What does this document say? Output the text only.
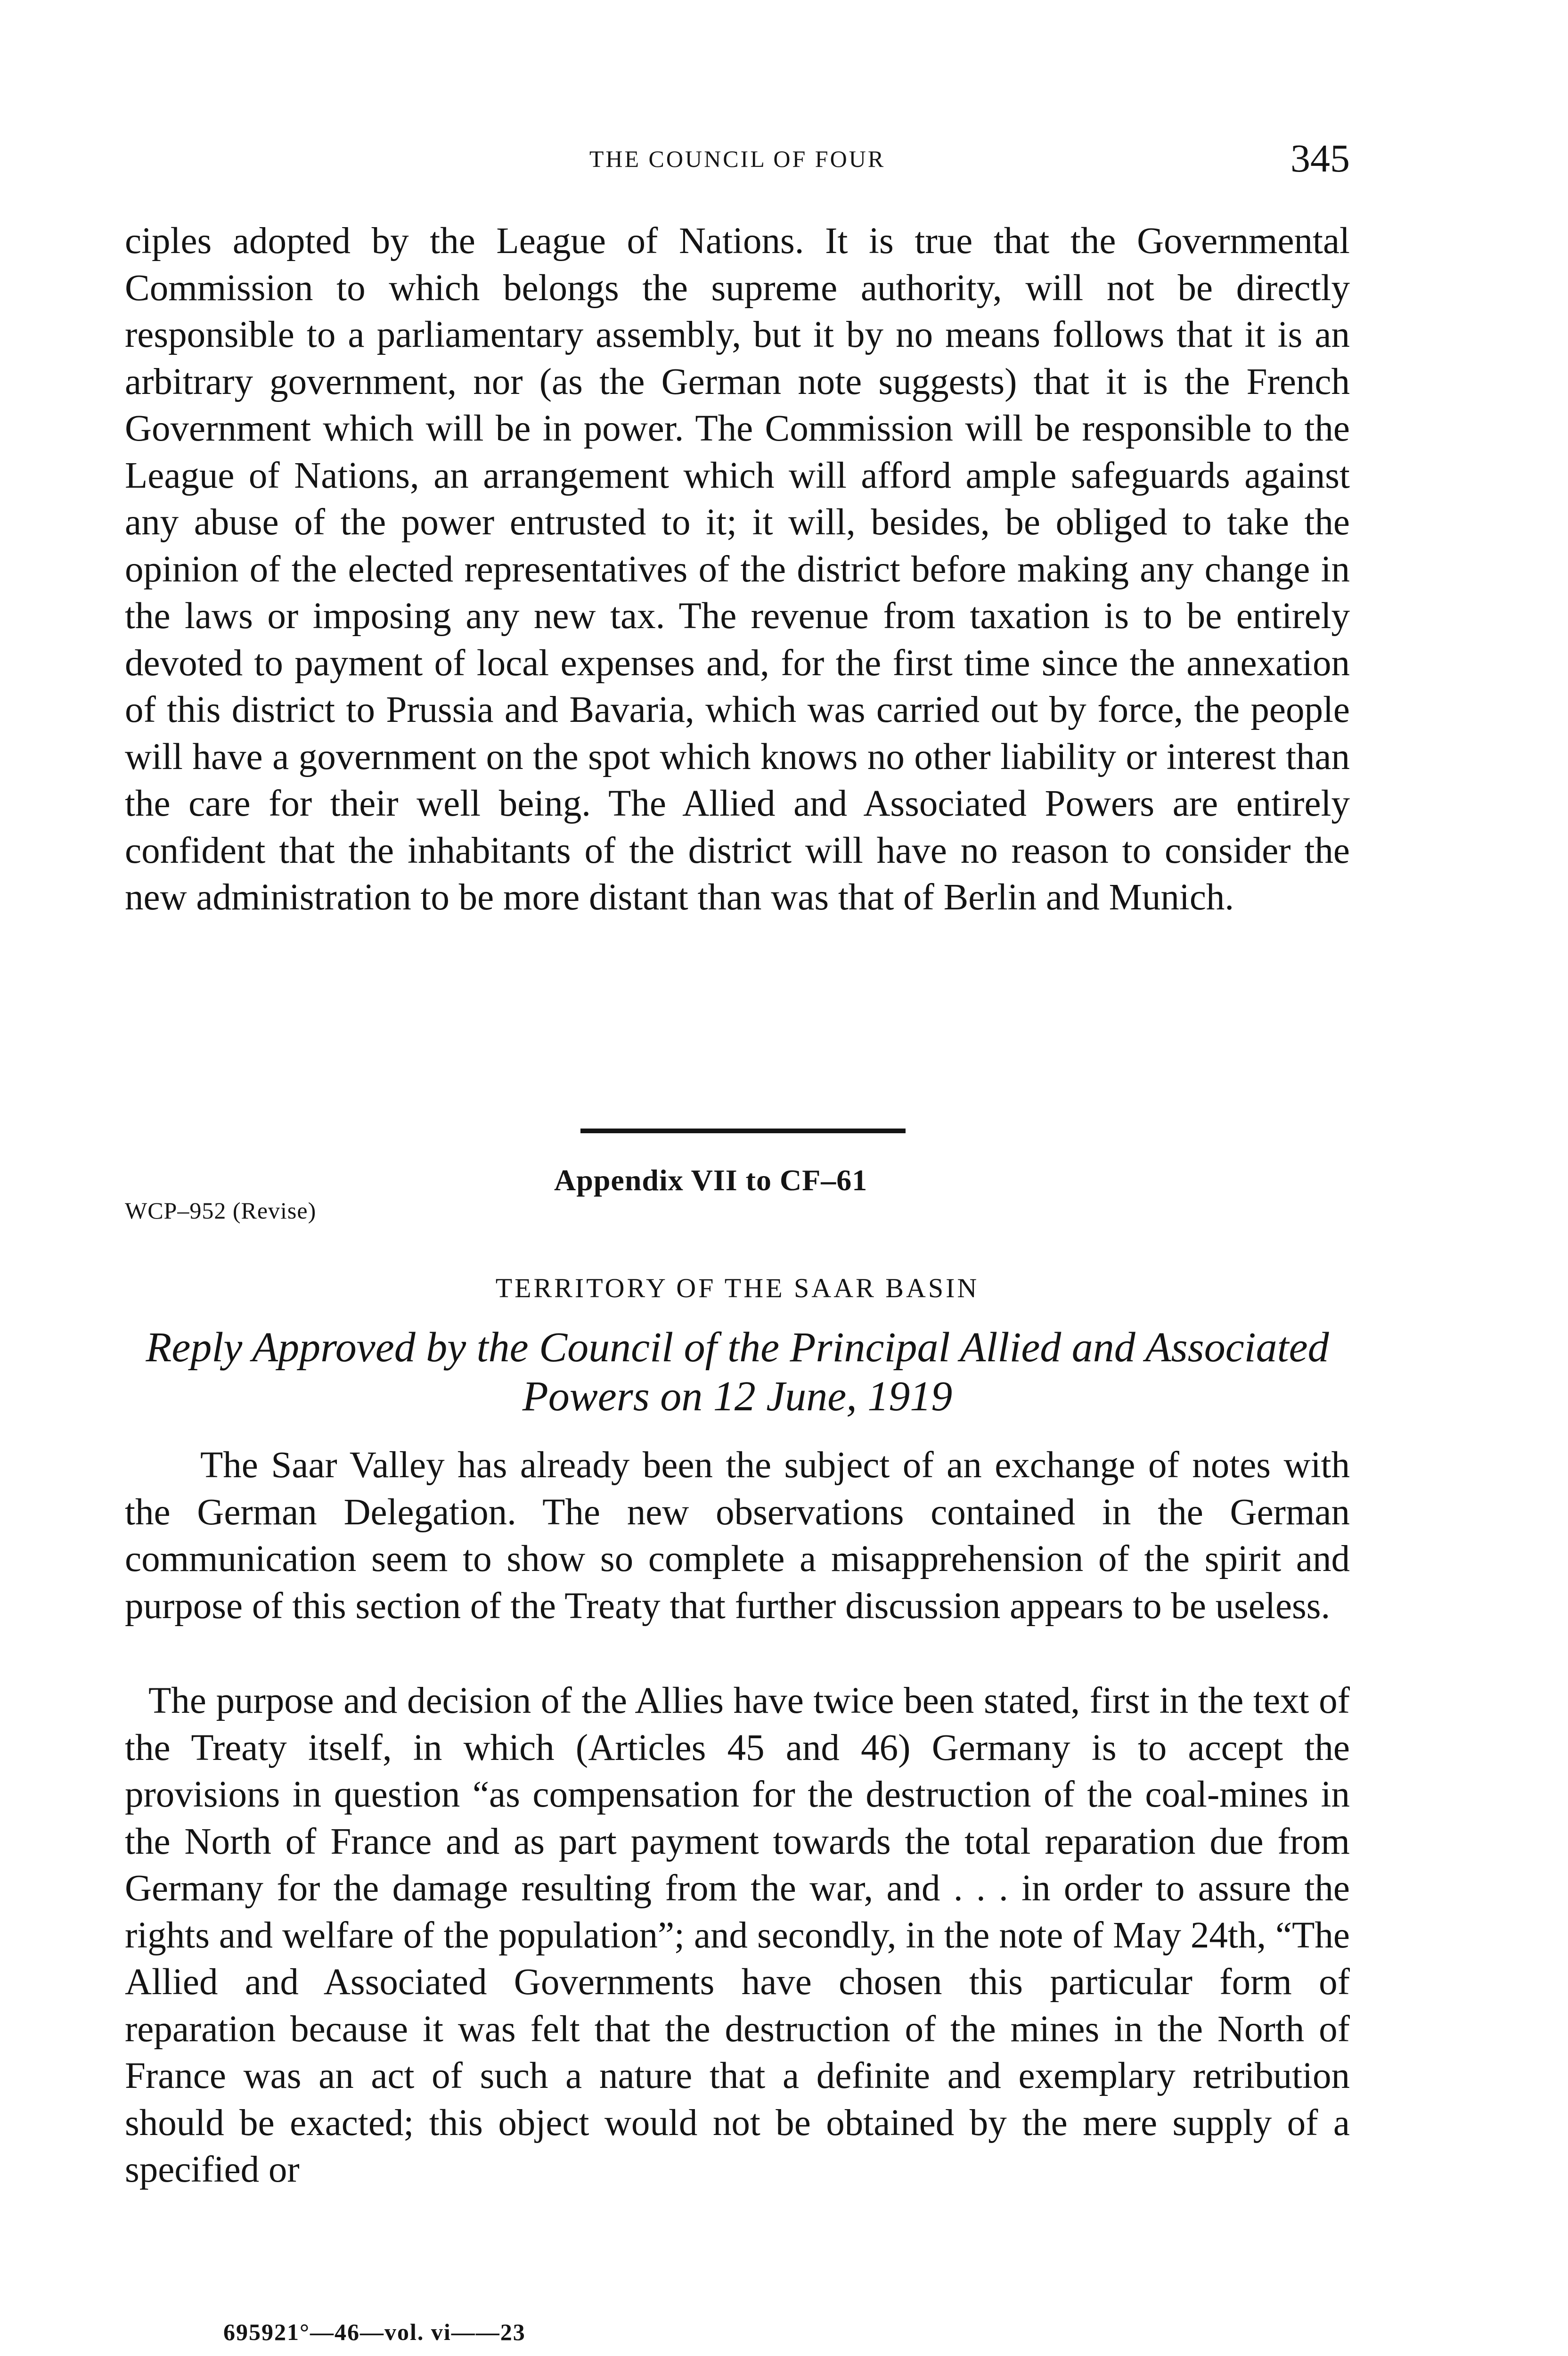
THE COUNCIL OF FOUR	345

ciples adopted by the League of Nations. It is true that the Governmental Commission to which belongs the supreme authority, will not be directly responsible to a parliamentary assembly, but it by no means follows that it is an arbitrary government, nor (as the German note suggests) that it is the French Government which will be in power. The Commission will be responsible to the League of Nations, an arrangement which will afford ample safeguards against any abuse of the power entrusted to it; it will, besides, be obliged to take the opinion of the elected representatives of the district before making any change in the laws or imposing any new tax. The revenue from taxation is to be entirely devoted to payment of local expenses and, for the first time since the annexation of this district to Prussia and Bavaria, which was carried out by force, the people will have a government on the spot which knows no other liability or interest than the care for their well being. The Allied and Associated Powers are entirely confident that the inhabitants of the district will have no reason to consider the new administration to be more distant than was that of Berlin and Munich.

Appendix VII to CF–61
WCP–952 (Revise)
TERRITORY OF THE SAAR BASIN
Reply Approved by the Council of the Principal Allied and Associated
Powers on 12 June, 1919

The Saar Valley has already been the subject of an exchange of notes with the German Delegation. The new observations contained in the German communication seem to show so complete a misapprehension of the spirit and purpose of this section of the Treaty that further discussion appears to be useless.

The purpose and decision of the Allies have twice been stated, first in the text of the Treaty itself, in which (Articles 45 and 46) Germany is to accept the provisions in question “as compensation for the destruction of the coal-mines in the North of France and as part payment towards the total reparation due from Germany for the damage resulting from the war, and . . . in order to assure the rights and welfare of the population”; and secondly, in the note of May 24th, “The Allied and Associated Governments have chosen this particular form of reparation because it was felt that the destruction of the mines in the North of France was an act of such a nature that a definite and exemplary retribution should be exacted; this object would not be obtained by the mere supply of a specified or

695921°—46—vol. vi——23
